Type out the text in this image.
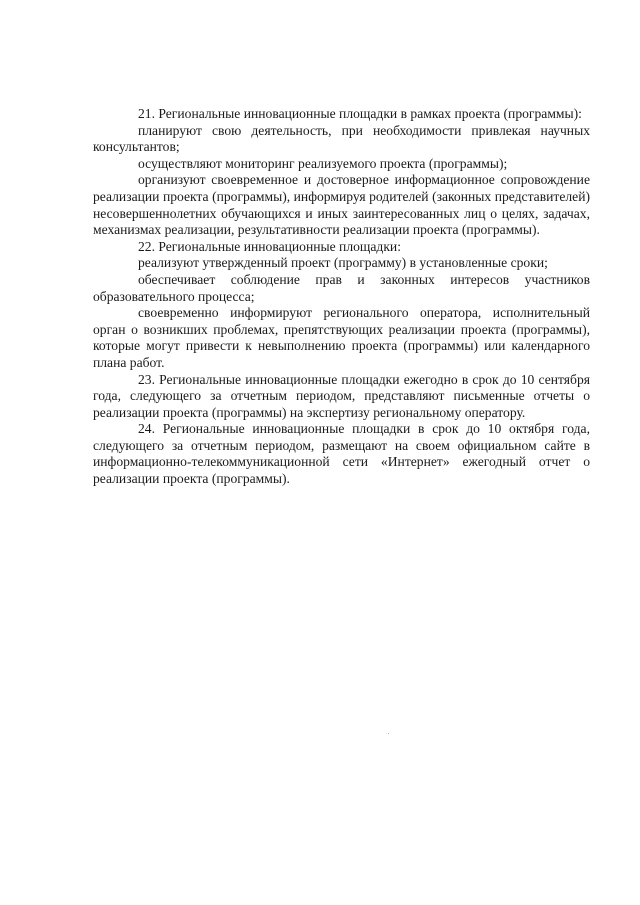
21. Региональные инновационные площадки в рамках проекта (программы):

планируют свою деятельность, при необходимости привлекая научных консультантов;

осуществляют мониторинг реализуемого проекта (программы);

организуют своевременное и достоверное информационное сопровождение реализации проекта (программы), информируя родителей (законных представителей) несовершеннолетних обучающихся и иных заинтересованных лиц о целях, задачах, механизмах реализации, результативности реализации проекта (программы).

22. Региональные инновационные площадки:

реализуют утвержденный проект (программу) в установленные сроки;

обеспечивает соблюдение прав и законных интересов участников образовательного процесса;

своевременно информируют регионального оператора, исполнительный орган о возникших проблемах, препятствующих реализации проекта (программы), которые могут привести к невыполнению проекта (программы) или календарного плана работ.

23. Региональные инновационные площадки ежегодно в срок до 10 сентября года, следующего за отчетным периодом, представляют письменные отчеты о реализации проекта (программы) на экспертизу региональному оператору.

24. Региональные инновационные площадки в срок до 10 октября года, следующего за отчетным периодом, размещают на своем официальном сайте в информационно-телекоммуникационной сети «Интернет» ежегодный отчет о реализации проекта (программы).
